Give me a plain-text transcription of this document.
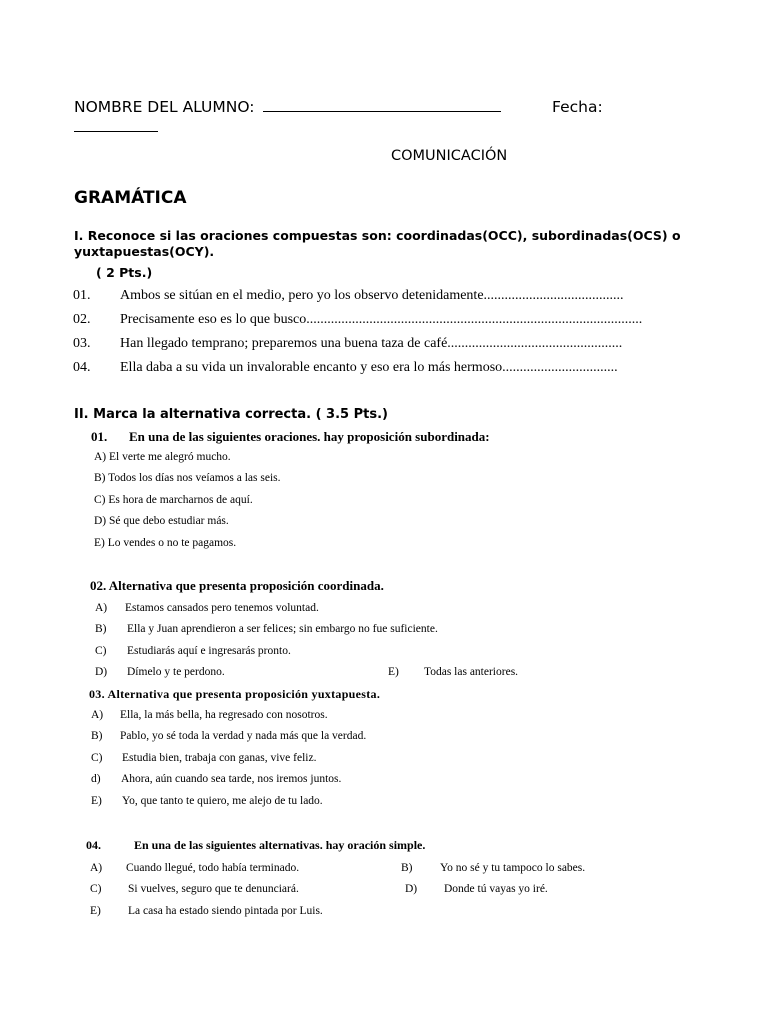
NOMBRE DEL ALUMNO:	Fecha:
COMUNICACIÓN
GRAMÁTICA
I. Reconoce si las oraciones compuestas son: coordinadas(OCC), subordinadas(OCS) o
yuxtapuestas(OCY).
( 2 Pts.)
01. Ambos se sitúan en el medio, pero yo los observo detenidamente........................................
02. Precisamente eso es lo que busco................................................................................................
03. Han llegado temprano; preparemos una buena taza de café..................................................
04. Ella daba a su vida un invalorable encanto y eso era lo más hermoso.................................
II. Marca la alternativa correcta. ( 3.5 Pts.)
01. En una de las siguientes oraciones. hay proposición subordinada:
A) El verte me alegró mucho.
B) Todos los días nos veíamos a las seis.
C) Es hora de marcharnos de aquí.
D) Sé que debo estudiar más.
E) Lo vendes o no te pagamos.
02. Alternativa que presenta proposición coordinada.
A) Estamos cansados pero tenemos voluntad.
B) Ella y Juan aprendieron a ser felices; sin embargo no fue suficiente.
C) Estudiarás aquí e ingresarás pronto.
D) Dímelo y te perdono.	E) Todas las anteriores.
03. Alternativa que presenta proposición yuxtapuesta.
A) Ella, la más bella, ha regresado con nosotros.
B) Pablo, yo sé toda la verdad y nada más que la verdad.
C) Estudia bien, trabaja con ganas, vive feliz.
d) Ahora, aún cuando sea tarde, nos iremos juntos.
E) Yo, que tanto te quiero, me alejo de tu lado.
04.	En una de las siguientes alternativas. hay oración simple.
A) Cuando llegué, todo había terminado.	B) Yo no sé y tu tampoco lo sabes.
C) Si vuelves, seguro que te denunciará.	D) Donde tú vayas yo iré.
E) La casa ha estado siendo pintada por Luis.
